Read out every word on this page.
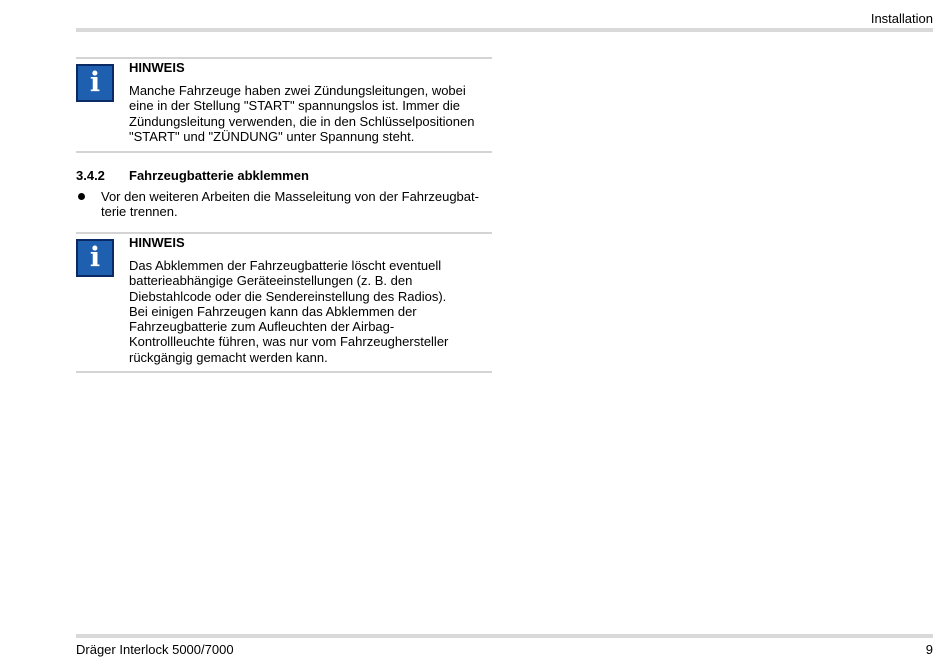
Installation
i	HINWEIS
Manche Fahrzeuge haben zwei Zündungsleitungen, wobei
eine in der Stellung "START" spannungslos ist. Immer die
Zündungsleitung verwenden, die in den Schlüsselpositionen
"START" und "ZÜNDUNG" unter Spannung steht.
3.4.2 Fahrzeugbatterie abklemmen
Vor den weiteren Arbeiten die Masseleitung von der Fahrzeugbat-
terie trennen.
i	HINWEIS
Das Abklemmen der Fahrzeugbatterie löscht eventuell
batterieabhängige Geräteeinstellungen (z. B. den
Diebstahlcode oder die Sendereinstellung des Radios).
Bei einigen Fahrzeugen kann das Abklemmen der
Fahrzeugbatterie zum Aufleuchten der Airbag-
Kontrollleuchte führen, was nur vom Fahrzeughersteller
rückgängig gemacht werden kann.
Dräger Interlock 5000/7000	9
